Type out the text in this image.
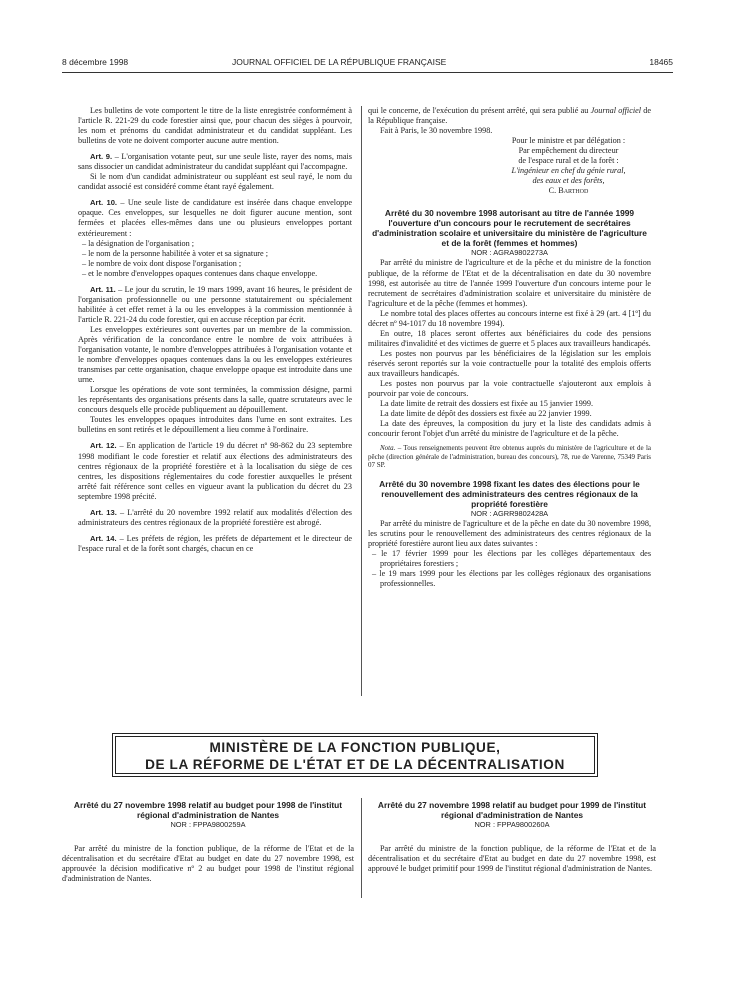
8 décembre 1998	JOURNAL OFFICIEL DE LA RÉPUBLIQUE FRANÇAISE	18465

Les bulletins de vote comportent le titre de la liste enregistrée conformément à l'article R. 221-29 du code forestier ainsi que, pour chacun des sièges à pourvoir, les nom et prénoms du candidat administrateur et du candidat suppléant. Les bulletins de vote ne doivent comporter aucune autre mention.

Art. 9. – L'organisation votante peut, sur une seule liste, rayer des noms, mais sans dissocier un candidat administrateur du candidat suppléant qui l'accompagne.

Si le nom d'un candidat administrateur ou suppléant est seul rayé, le nom du candidat associé est considéré comme étant rayé également.

Art. 10. – Une seule liste de candidature est insérée dans chaque enveloppe opaque. Ces enveloppes, sur lesquelles ne doit figurer aucune mention, sont fermées et placées elles-mêmes dans une ou plusieurs enveloppes portant extérieurement :

– la désignation de l'organisation ;

– le nom de la personne habilitée à voter et sa signature ;

– le nombre de voix dont dispose l'organisation ;

– et le nombre d'enveloppes opaques contenues dans chaque enveloppe.

Art. 11. – Le jour du scrutin, le 19 mars 1999, avant 16 heures, le président de l'organisation professionnelle ou une personne statutairement ou spécialement habilitée à cet effet remet à la ou les enveloppes à la commission mentionnée à l'article R. 221-24 du code forestier, qui en accuse réception par écrit.

Les enveloppes extérieures sont ouvertes par un membre de la commission. Après vérification de la concordance entre le nombre de voix attribuées à l'organisation votante, le nombre d'enveloppes attribuées à l'organisation votante et le nombre d'enveloppes opaques contenues dans la ou les enveloppes extérieures transmises par cette organisation, chaque enveloppe opaque est introduite dans une urne.

Lorsque les opérations de vote sont terminées, la commission désigne, parmi les représentants des organisations présents dans la salle, quatre scrutateurs avec le concours desquels elle procède publiquement au dépouillement.

Toutes les enveloppes opaques introduites dans l'urne en sont extraites. Les bulletins en sont retirés et le dépouillement a lieu comme à l'ordinaire.

Art. 12. – En application de l'article 19 du décret nº 98-862 du 23 septembre 1998 modifiant le code forestier et relatif aux élections des administrateurs des centres régionaux de la propriété forestière et à la localisation du siège de ces centres, les dispositions réglementaires du code forestier auxquelles le présent arrêté fait référence sont celles en vigueur avant la publication du décret du 23 septembre 1998 précité.

Art. 13. – L'arrêté du 20 novembre 1992 relatif aux modalités d'élection des administrateurs des centres régionaux de la propriété forestière est abrogé.

Art. 14. – Les préfets de région, les préfets de département et le directeur de l'espace rural et de la forêt sont chargés, chacun en ce

qui le concerne, de l'exécution du présent arrêté, qui sera publié au Journal officiel de la République française.

Fait à Paris, le 30 novembre 1998.

Pour le ministre et par délégation :

Par empêchement du directeur

de l'espace rural et de la forêt :

L'ingénieur en chef du génie rural,

des eaux et des forêts,

C. Barthod

Arrêté du 30 novembre 1998 autorisant au titre de l'année 1999 l'ouverture d'un concours pour le recrutement de secrétaires d'administration scolaire et universitaire du ministère de l'agriculture et de la forêt (femmes et hommes)

NOR : AGRA9802273A

Par arrêté du ministre de l'agriculture et de la pêche et du ministre de la fonction publique, de la réforme de l'Etat et de la décentralisation en date du 30 novembre 1998, est autorisée au titre de l'année 1999 l'ouverture d'un concours interne pour le recrutement de secrétaires d'administration scolaire et universitaire du ministère de l'agriculture et de la pêche (femmes et hommes).

Le nombre total des places offertes au concours interne est fixé à 29 (art. 4 [1º] du décret nº 94-1017 du 18 novembre 1994).

En outre, 18 places seront offertes aux bénéficiaires du code des pensions militaires d'invalidité et des victimes de guerre et 5 places aux travailleurs handicapés.

Les postes non pourvus par les bénéficiaires de la législation sur les emplois réservés seront reportés sur la voie contractuelle pour la totalité des emplois offerts aux travailleurs handicapés.

Les postes non pourvus par la voie contractuelle s'ajouteront aux emplois à pourvoir par voie de concours.

La date limite de retrait des dossiers est fixée au 15 janvier 1999.

La date limite de dépôt des dossiers est fixée au 22 janvier 1999.

La date des épreuves, la composition du jury et la liste des candidats admis à concourir feront l'objet d'un arrêté du ministre de l'agriculture et de la pêche.

Nota. – Tous renseignements peuvent être obtenus auprès du ministère de l'agriculture et de la pêche (direction générale de l'administration, bureau des concours), 78, rue de Varenne, 75349 Paris 07 SP.

Arrêté du 30 novembre 1998 fixant les dates des élections pour le renouvellement des administrateurs des centres régionaux de la propriété forestière

NOR : AGRR9802428A

Par arrêté du ministre de l'agriculture et de la pêche en date du 30 novembre 1998, les scrutins pour le renouvellement des administrateurs des centres régionaux de la propriété forestière auront lieu aux dates suivantes :

– le 17 février 1999 pour les élections par les collèges départementaux des propriétaires forestiers ;

– le 19 mars 1999 pour les élections par les collèges régionaux des organisations professionnelles.

MINISTÈRE DE LA FONCTION PUBLIQUE,
DE LA RÉFORME DE L'ÉTAT ET DE LA DÉCENTRALISATION

Arrêté du 27 novembre 1998 relatif au budget pour 1998 de l'institut régional d'administration de Nantes

NOR : FPPA9800259A

Par arrêté du ministre de la fonction publique, de la réforme de l'Etat et de la décentralisation et du secrétaire d'Etat au budget en date du 27 novembre 1998, est approuvée la décision modificative nº 2 au budget pour 1998 de l'institut régional d'administration de Nantes.

Arrêté du 27 novembre 1998 relatif au budget pour 1999 de l'institut régional d'administration de Nantes

NOR : FPPA9800260A

Par arrêté du ministre de la fonction publique, de la réforme de l'Etat et de la décentralisation et du secrétaire d'Etat au budget en date du 27 novembre 1998, est approuvé le budget primitif pour 1999 de l'institut régional d'administration de Nantes.
